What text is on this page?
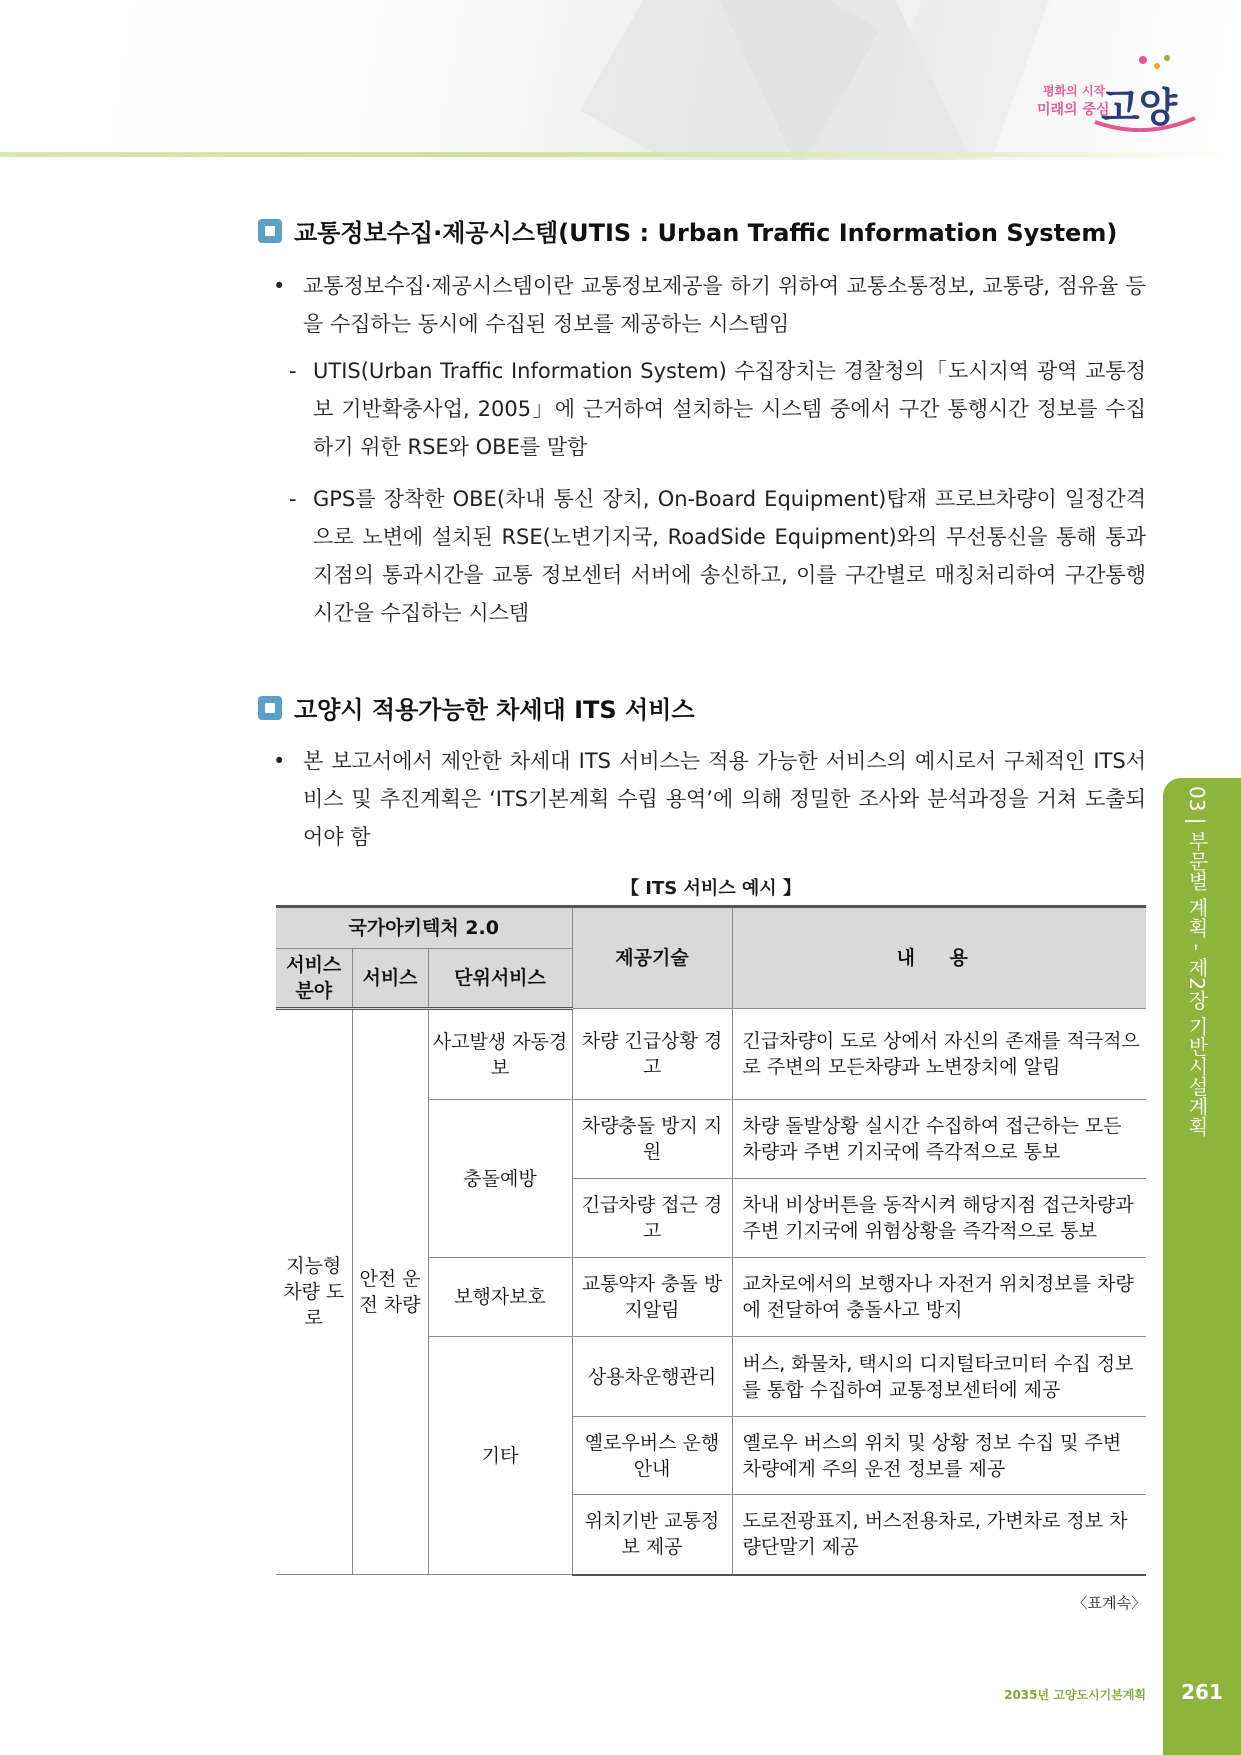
평화의 시작
미래의 중심
고양
교통정보수집·제공시스템(UTIS : Urban Traffic Information System)
• 교통정보수집·제공시스템이란 교통정보제공을 하기 위하여 교통소통정보, 교통량, 점유율 등을 수집하는 동시에 수집된 정보를 제공하는 시스템임
- UTIS(Urban Traffic Information System) 수집장치는 경찰청의「도시지역 광역 교통정보 기반확충사업, 2005」에 근거하여 설치하는 시스템 중에서 구간 통행시간 정보를 수집하기 위한 RSE와 OBE를 말함
- GPS를 장착한 OBE(차내 통신 장치, On-Board Equipment)탑재 프로브차량이 일정간격으로 노변에 설치된 RSE(노변기지국, RoadSide Equipment)와의 무선통신을 통해 통과지점의 통과시간을 교통 정보센터 서버에 송신하고, 이를 구간별로 매칭처리하여 구간통행시간을 수집하는 시스템
고양시 적용가능한 차세대 ITS 서비스
• 본 보고서에서 제안한 차세대 ITS 서비스는 적용 가능한 서비스의 예시로서 구체적인 ITS서비스 및 추진계획은 ‘ITS기본계획 수립 용역’에 의해 정밀한 조사와 분석과정을 거쳐 도출되어야 함
【 ITS 서비스 예시 】
국가아키텍처 2.0			제공기술	내 용
서비스 분야	서비스	단위서비스		
지능형 차량 도로	안전 운전 차량	사고발생 자동경보	차량 긴급상황 경고	긴급차량이 도로 상에서 자신의 존재를 적극적으로 주변의 모든차량과 노변장치에 알림
		충돌예방	차량충돌 방지 지원	차량 돌발상황 실시간 수집하여 접근하는 모든 차량과 주변 기지국에 즉각적으로 통보
			긴급차량 접근 경고	차내 비상버튼을 동작시켜 해당지점 접근차량과 주변 기지국에 위험상황을 즉각적으로 통보
		보행자보호	교통약자 충돌 방지알림	교차로에서의 보행자나 자전거 위치정보를 차량에 전달하여 충돌사고 방지
		기타	상용차운행관리	버스, 화물차, 택시의 디지털타코미터 수집 정보를 통합 수집하여 교통정보센터에 제공
			옐로우버스 운행 안내	옐로우 버스의 위치 및 상황 정보 수집 및 주변 차량에게 주의 운전 정보를 제공
			위치기반 교통정보 제공	도로전광표지, 버스전용차로, 가변차로 정보 차량단말기 제공
〈표계속〉
03 | 부문별 계획 - 제2장 기반시설계획
2035년 고양도시기본계획	261
